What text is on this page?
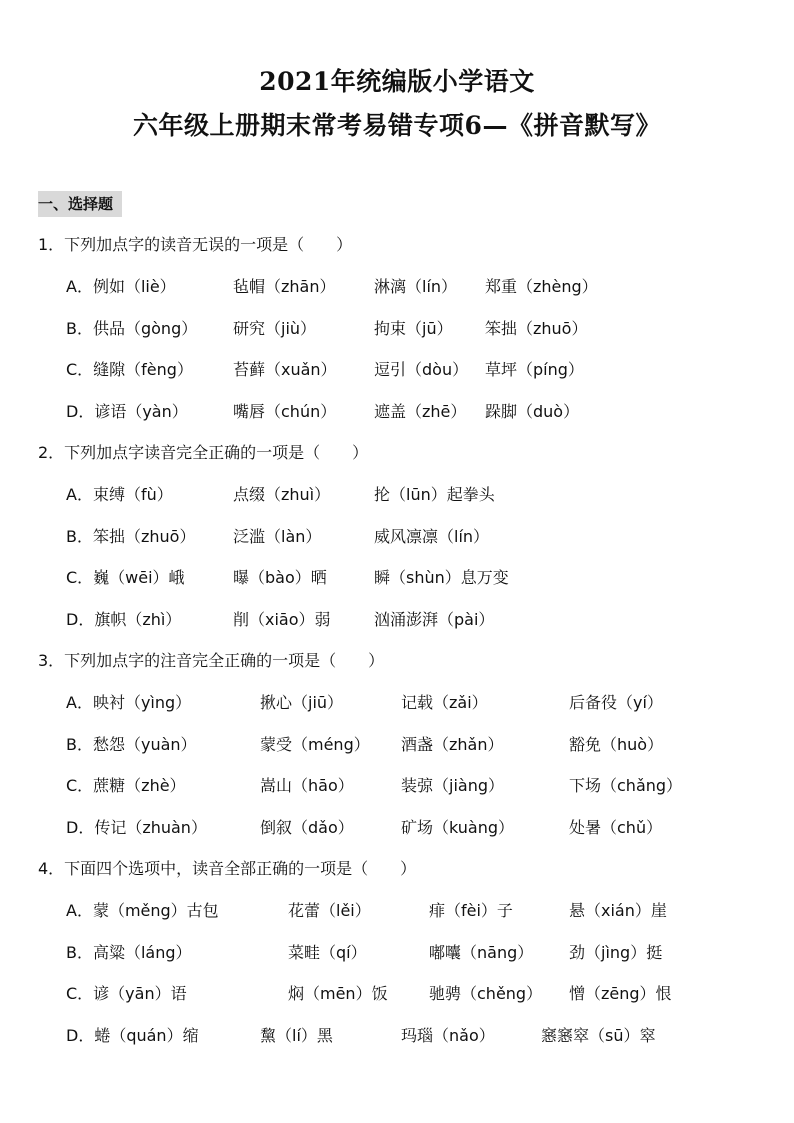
2021年统编版小学语文
六年级上册期末常考易错专项6—《拼音默写》
一、选择题
1．下列加点字的读音无误的一项是（　　）
A．例如（liè）	毡帽（zhān） 淋漓（lín） 郑重（zhèng）
B．供品（gòng） 研究（jiù）	拘束（jū） 笨拙（zhuō）
C．缝隙（fèng）	苔藓（xuǎn） 逗引（dòu） 草坪（píng）
D．谚语（yàn）	嘴唇（chún） 遮盖（zhē） 跺脚（duò）
2．下列加点字读音完全正确的一项是（　　）
A．束缚（fù）	点缀（zhuì）	抡（lūn）起拳头
B．笨拙（zhuō） 泛滥（làn）	威风凛凛（lín）
C．巍（wēi）峨	曝（bào）晒	瞬（shùn）息万变
D．旗帜（zhì）	削（xiāo）弱	汹涌澎湃（pài）
3．下列加点字的注音完全正确的一项是（　　）
A．映衬（yìng）	揪心（jiū）	记载（zǎi）	后备役（yí）
B．愁怨（yuàn）	蒙受（méng） 酒盏（zhǎn）	豁免（huò）
C．蔗糖（zhè）	嵩山（hāo）	装弶（jiàng）	下场（chǎng）
D．传记（zhuàn）	倒叙（dǎo）	矿场（kuàng）	处暑（chǔ）
4．下面四个选项中，读音全部正确的一项是（　　）
A．蒙（měng）古包	花蕾（lěi）	痱（fèi）子	悬（xián）崖
B．高粱（láng）	菜畦（qí）	嘟囔（nāng） 劲（jìng）挺
C．谚（yān）语	焖（mēn）饭	驰骋（chěng） 憎（zēng）恨
D．蜷（quán）缩	黧（lí）黑	玛瑙（nǎo）	窸窸窣（sū）窣
